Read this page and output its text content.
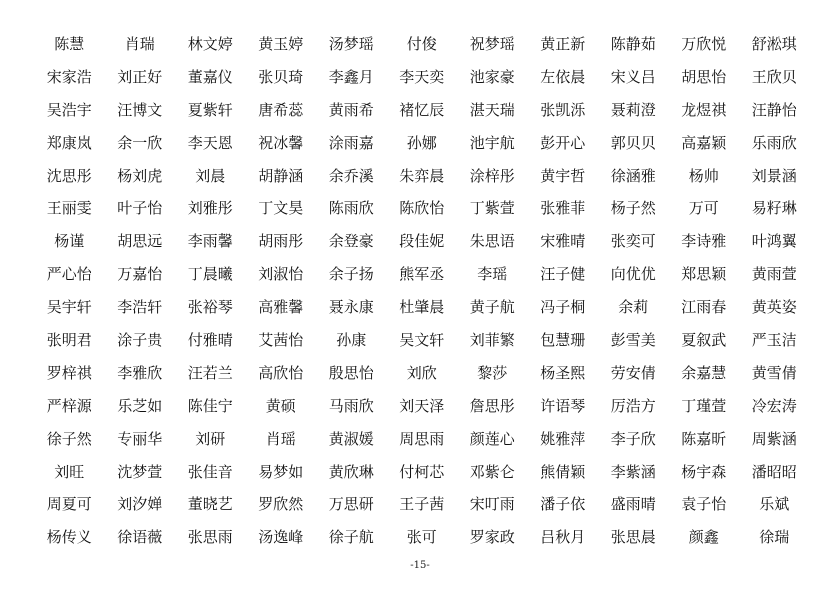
陈慧	肖瑞	林文婷	黄玉婷	汤梦瑶	付俊	祝梦瑶	黄正新	陈静茹	万欣悦	舒淞琪
宋家浩	刘正好	董嘉仪	张贝琦	李鑫月	李天奕	池家豪	左依晨	宋义吕	胡思怡	王欣贝
吴浩宇	汪博文	夏紫轩	唐希蕊	黄雨希	褚忆辰	湛天瑞	张凯泺	聂莉澄	龙煜祺	汪静怡
郑康岚	余一欣	李天恩	祝冰馨	涂雨嘉	孙娜	池宇航	彭开心	郭贝贝	高嘉颖	乐雨欣
沈思彤	杨刘虎	刘晨	胡静涵	余乔溪	朱弈晨	涂梓彤	黄宇哲	徐涵雅	杨帅	刘景涵
王丽雯	叶子怡	刘雅彤	丁文昊	陈雨欣	陈欣怡	丁紫萱	张雅菲	杨子然	万可	易籽琳
杨谨	胡思远	李雨馨	胡雨彤	余登豪	段佳妮	朱思语	宋雅晴	张奕可	李诗雅	叶鸿翼
严心怡	万嘉怡	丁晨曦	刘淑怡	余子扬	熊军丞	李瑶	汪子健	向优优	郑思颖	黄雨萱
吴宇轩	李浩轩	张裕琴	高雅馨	聂永康	杜肇晨	黄子航	冯子桐	余莉	江雨春	黄英姿
张明君	涂子贵	付雅晴	艾茜怡	孙康	吴文轩	刘菲繁	包慧珊	彭雪美	夏叙武	严玉洁
罗梓祺	李雅欣	汪若兰	高欣怡	殷思怡	刘欣	黎莎	杨圣熙	劳安倩	余嘉慧	黄雪倩
严梓源	乐芝如	陈佳宁	黄硕	马雨欣	刘天泽	詹思彤	许语琴	厉浩方	丁瑾萱	冷宏涛
徐子然	专丽华	刘研	肖瑶	黄淑媛	周思雨	颜莲心	姚雅萍	李子欣	陈嘉昕	周紫涵
刘旺	沈梦萱	张佳音	易梦如	黄欣琳	付柯芯	邓紫仑	熊倩颖	李紫涵	杨宇森	潘昭昭
周夏可	刘汐婵	董晓艺	罗欣然	万思研	王子茜	宋叮雨	潘子依	盛雨晴	袁子怡	乐斌
杨传义	徐语薇	张思雨	汤逸峰	徐子航	张可	罗家政	吕秋月	张思晨	颜鑫	徐瑞
-15-
